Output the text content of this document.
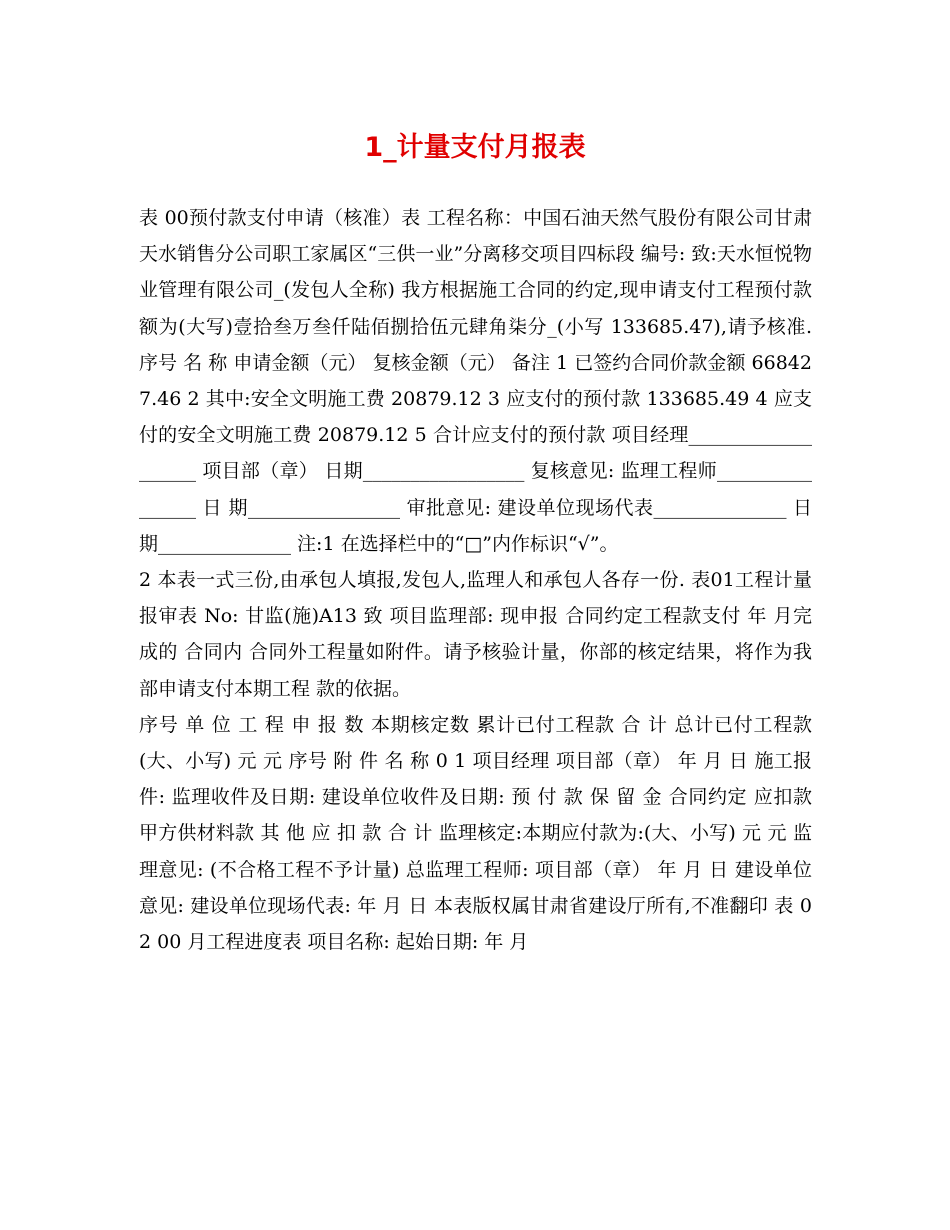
1_计量支付月报表

表 00预付款支付申请（核准）表 工程名称：中国石油天然气股份有限公司甘肃天水销售分公司职工家属区“三供一业”分离移交项目四标段 编号: 致:天水恒悦物业管理有限公司_(发包人全称) 我方根据施工合同的约定,现申请支付工程预付款额为(大写)壹拾叁万叁仟陆佰捌拾伍元肆角柒分_(小写 133685.47),请予核准. 序号 名 称 申请金额（元） 复核金额（元） 备注 1 已签约合同价款金额 668427.46 2 其中:安全文明施工费 20879.12 3 应支付的预付款 133685.49 4 应支付的安全文明施工费 20879.12 5 合计应支付的预付款 项目经理___________________ 项目部（章） 日期_________________ 复核意见: 监理工程师________________ 日 期________________ 审批意见: 建设单位现场代表______________ 日 期______________ 注:1 在选择栏中的“□”内作标识“√”。

2 本表一式三份,由承包人填报,发包人,监理人和承包人各存一份. 表01工程计量报审表 No: 甘监(施)A13 致 项目监理部: 现申报 合同约定工程款支付 年 月完成的 合同内 合同外工程量如附件。请予核验计量，你部的核定结果，将作为我部申请支付本期工程 款的依据。

序号 单 位 工 程 申 报 数 本期核定数 累计已付工程款 合 计 总计已付工程款 (大、小写) 元 元 序号 附 件 名 称 0 1 项目经理 项目部（章） 年 月 日 施工报件: 监理收件及日期: 建设单位收件及日期: 预 付 款 保 留 金 合同约定 应扣款 甲方供材料款 其 他 应 扣 款 合 计 监理核定:本期应付款为:(大、小写) 元 元 监理意见: (不合格工程不予计量) 总监理工程师: 项目部（章） 年 月 日 建设单位意见: 建设单位现场代表: 年 月 日 本表版权属甘肃省建设厅所有,不准翻印 表 02 00 月工程进度表 项目名称: 起始日期: 年 月
